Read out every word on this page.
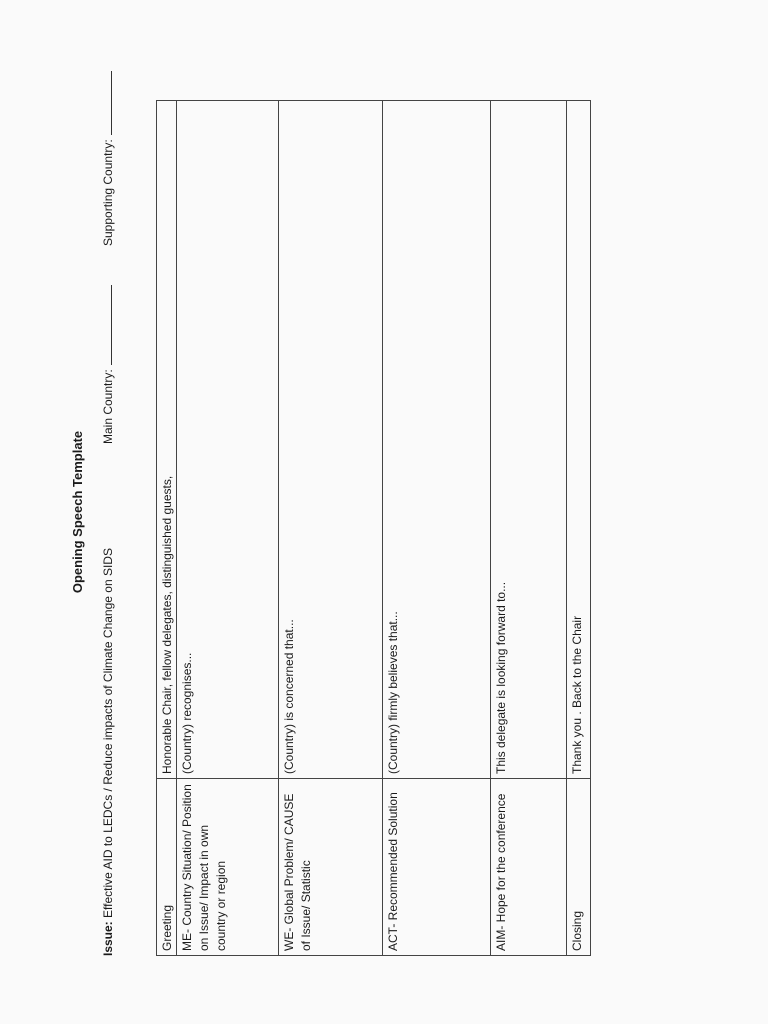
Opening Speech Template
Issue: Effective AID to LEDCs / Reduce impacts of Climate Change on SIDS
Main Country:
Supporting Country:
Greeting
Honorable Chair, fellow delegates, distinguished guests,
ME- Country Situation/ Position on Issue/ Impact in own country or region
(Country) recognises...
WE- Global Problem/ CAUSE of Issue/ Statistic
(Country) is concerned that...
ACT- Recommended Solution
(Country) firmly believes that...
AIM- Hope for the conference
This delegate is looking forward to...
Closing
Thank you . Back to the Chair
